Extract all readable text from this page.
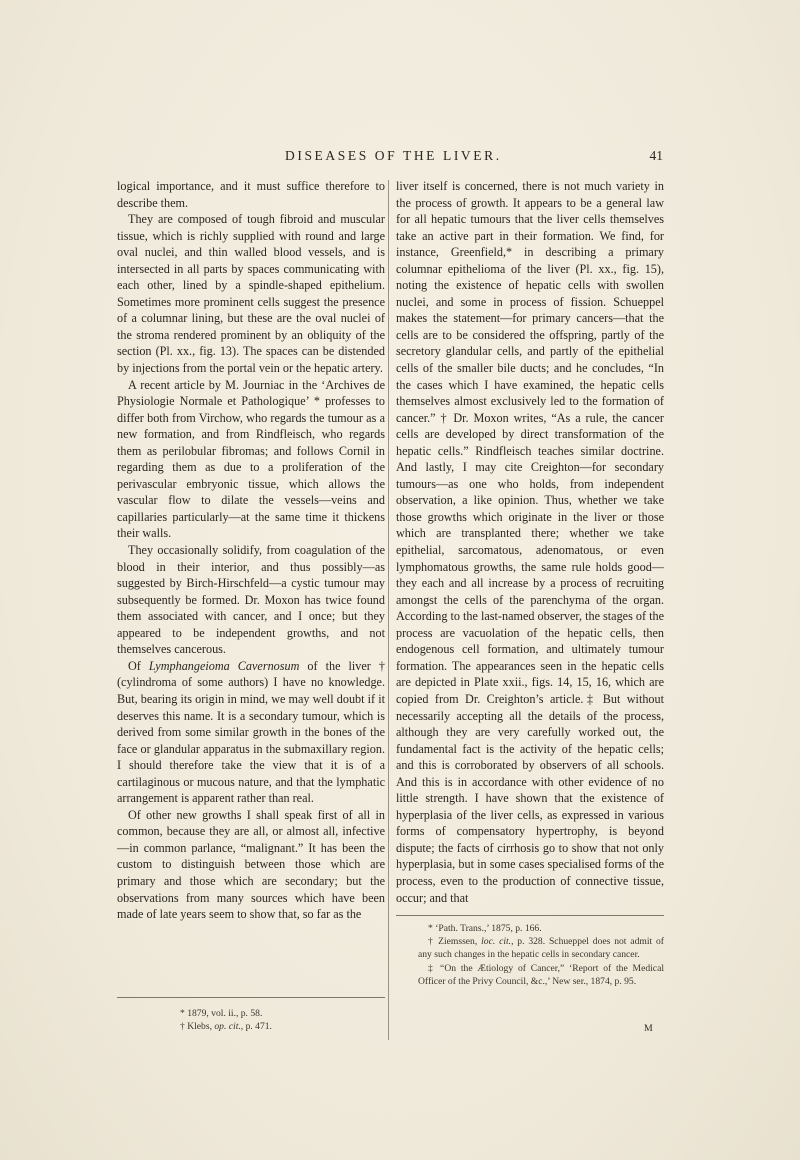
DISEASES OF THE LIVER.	41

logical importance, and it must suffice therefore to describe them.

They are composed of tough fibroid and muscular tissue, which is richly supplied with round and large oval nuclei, and thin walled blood vessels, and is intersected in all parts by spaces communicating with each other, lined by a spindle-shaped epithelium. Sometimes more prominent cells suggest the presence of a columnar lining, but these are the oval nuclei of the stroma rendered prominent by an obliquity of the section (Pl. xx., fig. 13). The spaces can be distended by injections from the portal vein or the hepatic artery.

A recent article by M. Journiac in the ‘Archives de Physiologie Normale et Pathologique’ * professes to differ both from Virchow, who regards the tumour as a new formation, and from Rindfleisch, who regards them as perilobular fibromas; and follows Cornil in regarding them as due to a proliferation of the perivascular embryonic tissue, which allows the vascular flow to dilate the vessels—veins and capillaries particularly—at the same time it thickens their walls.

They occasionally solidify, from coagulation of the blood in their interior, and thus possibly—as suggested by Birch-Hirschfeld—a cystic tumour may subsequently be formed. Dr. Moxon has twice found them associated with cancer, and I once; but they appeared to be independent growths, and not themselves cancerous.

Of Lymphangeioma Cavernosum of the liver † (cylindroma of some authors) I have no knowledge. But, bearing its origin in mind, we may well doubt if it deserves this name. It is a secondary tumour, which is derived from some similar growth in the bones of the face or glandular apparatus in the submaxillary region. I should therefore take the view that it is of a cartilaginous or mucous nature, and that the lymphatic arrangement is apparent rather than real.

Of other new growths I shall speak first of all in common, because they are all, or almost all, infective—in common parlance, “malignant.” It has been the custom to distinguish between those which are primary and those which are secondary; but the observations from many sources which have been made of late years seem to show that, so far as the

liver itself is concerned, there is not much variety in the process of growth. It appears to be a general law for all hepatic tumours that the liver cells themselves take an active part in their formation. We find, for instance, Greenfield,* in describing a primary columnar epithelioma of the liver (Pl. xx., fig. 15), noting the existence of hepatic cells with swollen nuclei, and some in process of fission. Schueppel makes the statement—for primary cancers—that the cells are to be considered the offspring, partly of the secretory glandular cells, and partly of the epithelial cells of the smaller bile ducts; and he concludes, “In the cases which I have examined, the hepatic cells themselves almost exclusively led to the formation of cancer.” † Dr. Moxon writes, “As a rule, the cancer cells are developed by direct transformation of the hepatic cells.” Rindfleisch teaches similar doctrine. And lastly, I may cite Creighton—for secondary tumours—as one who holds, from independent observation, a like opinion. Thus, whether we take those growths which originate in the liver or those which are transplanted there; whether we take epithelial, sarcomatous, adenomatous, or even lymphomatous growths, the same rule holds good—they each and all increase by a process of recruiting amongst the cells of the parenchyma of the organ. According to the last-named observer, the stages of the process are vacuolation of the hepatic cells, then endogenous cell formation, and ultimately tumour formation. The appearances seen in the hepatic cells are depicted in Plate xxii., figs. 14, 15, 16, which are copied from Dr. Creighton’s article.‡ But without necessarily accepting all the details of the process, although they are very carefully worked out, the fundamental fact is the activity of the hepatic cells; and this is corroborated by observers of all schools. And this is in accordance with other evidence of no little strength. I have shown that the existence of hyperplasia of the liver cells, as expressed in various forms of compensatory hypertrophy, is beyond dispute; the facts of cirrhosis go to show that not only hyperplasia, but in some cases specialised forms of the process, even to the production of connective tissue, occur; and that

* 1879, vol. ii., p. 58.

† Klebs, op. cit., p. 471.

* ‘Path. Trans.,’ 1875, p. 166.

† Ziemssen, loc. cit., p. 328. Schueppel does not admit of any such changes in the hepatic cells in secondary cancer.

‡ “On the Ætiology of Cancer,” ‘Report of the Medical Officer of the Privy Council, &c.,’ New ser., 1874, p. 95.

M
